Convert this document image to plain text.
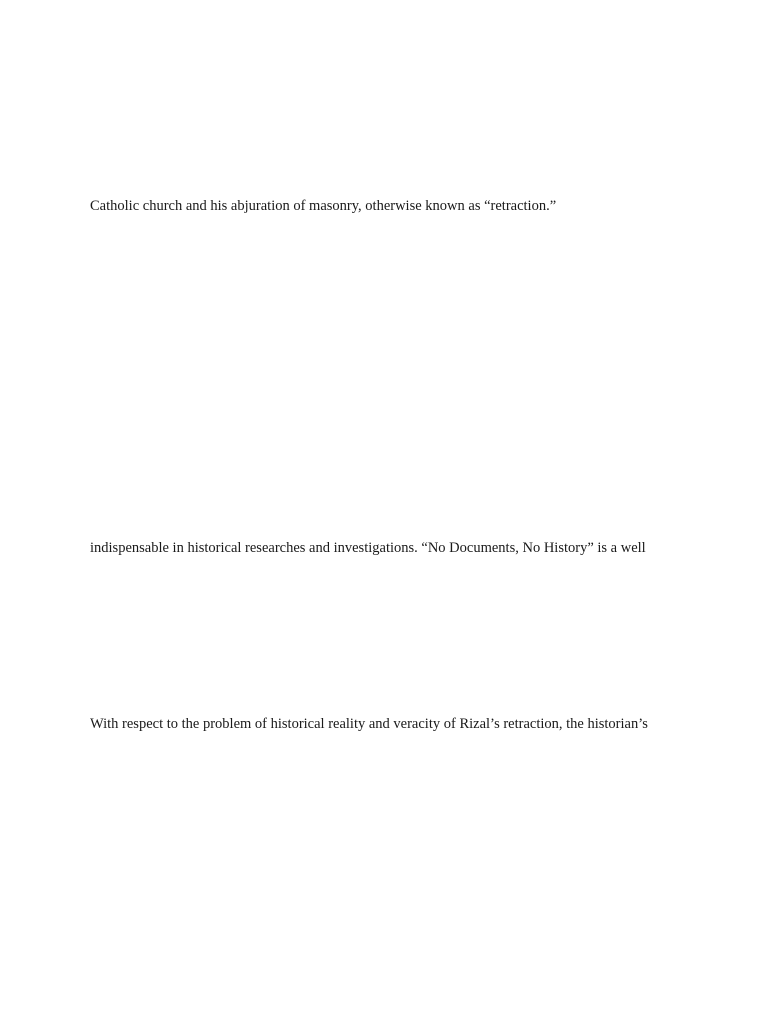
Catholic church and his abjuration of masonry, otherwise known as “retraction.”
indispensable in historical researches and investigations. “No Documents, No History” is a well
With respect to the problem of historical reality and veracity of Rizal’s retraction, the historian’s
